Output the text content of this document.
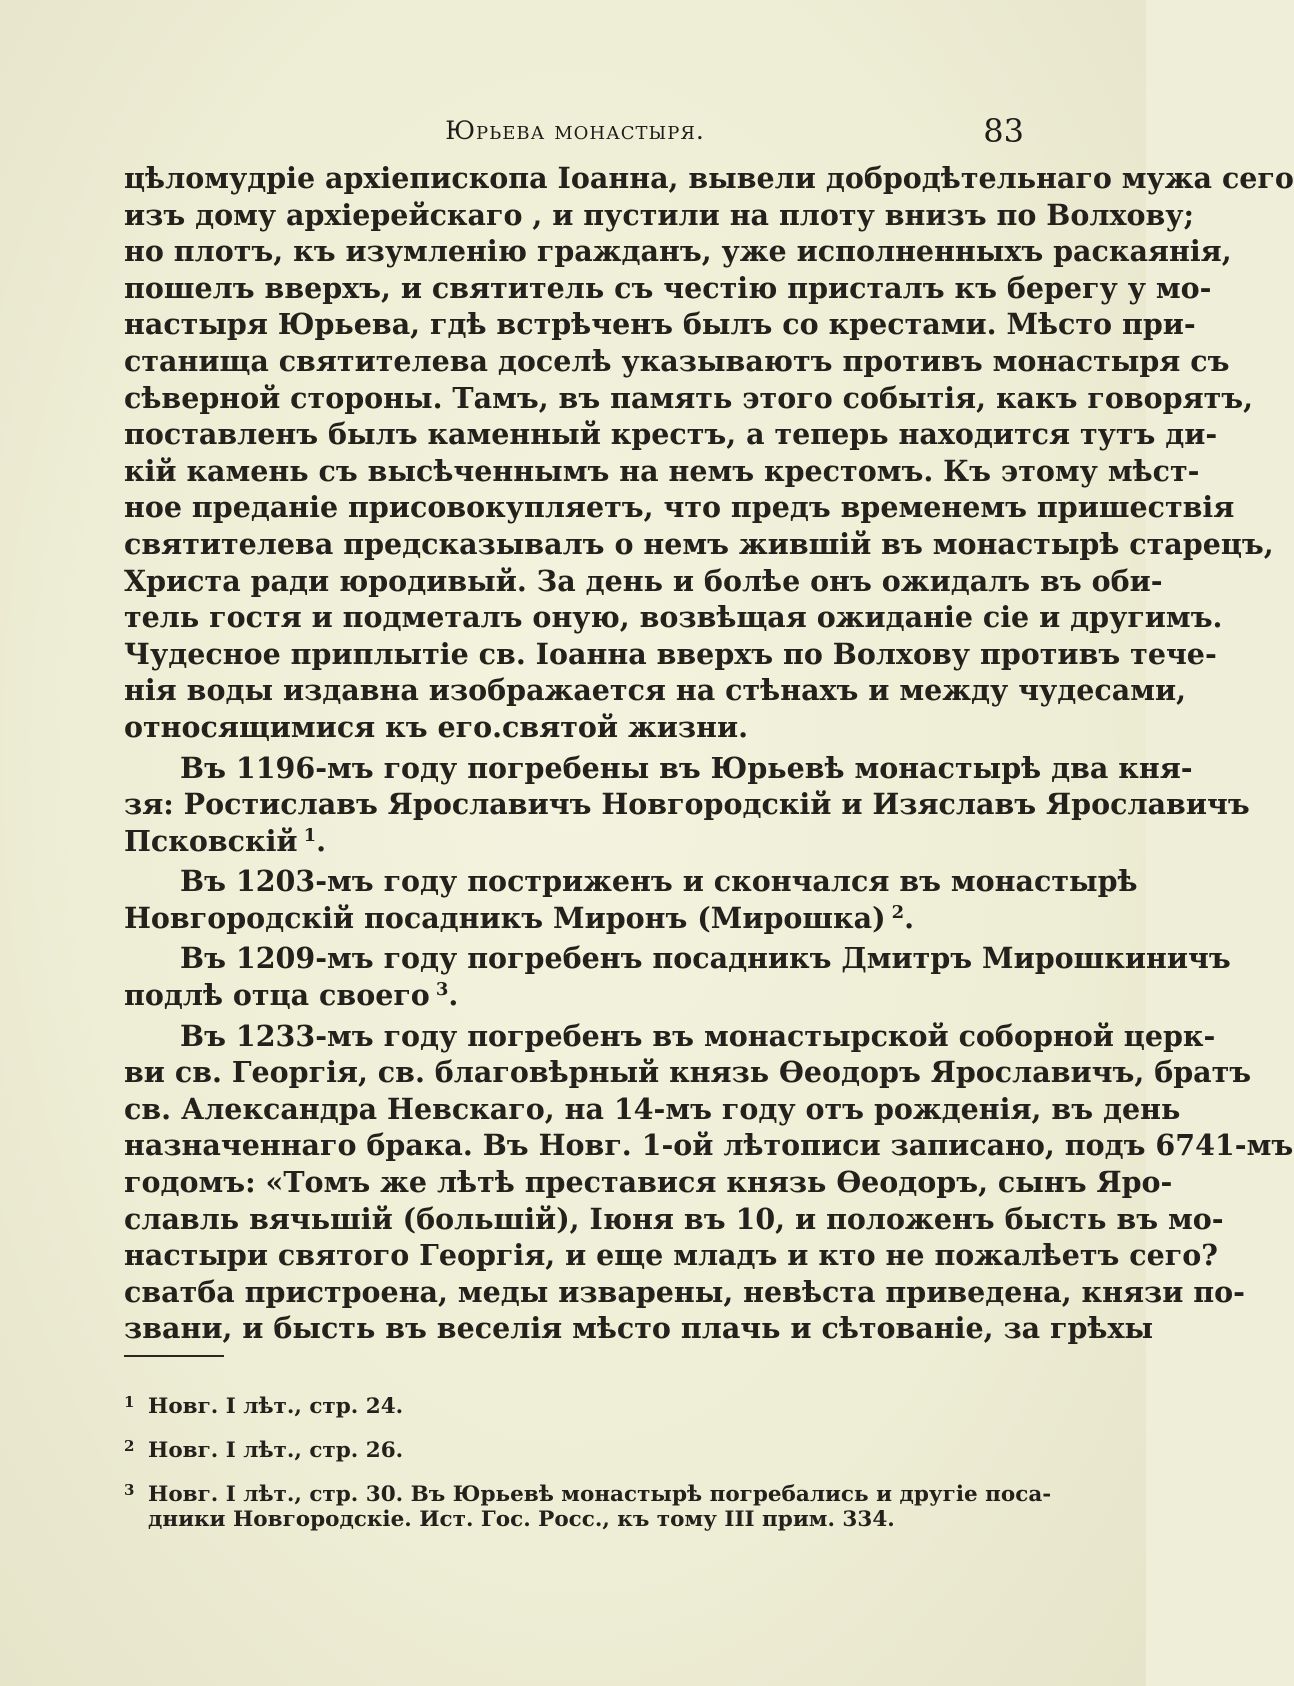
Юрьева монастыря.	83
цѣломудріе архіепископа Іоанна, вывели добродѣтельнаго мужа сего
изъ дому архіерейскаго , и пустили на плоту внизъ по Волхову;
но плотъ, къ изумленію гражданъ, уже исполненныхъ раскаянія,
пошелъ вверхъ, и святитель съ честію присталъ къ берегу у мо-
настыря Юрьева, гдѣ встрѣченъ былъ со крестами. Мѣсто при-
станища святителева доселѣ указываютъ противъ монастыря съ
сѣверной стороны. Тамъ, въ память этого событія, какъ говорятъ,
поставленъ былъ каменный крестъ, а теперь находится тутъ ди-
кій камень съ высѣченнымъ на немъ крестомъ. Къ этому мѣст-
ное преданіе присовокупляетъ, что предъ временемъ пришествія
святителева предсказывалъ о немъ жившій въ монастырѣ старецъ,
Христа ради юродивый. За день и болѣе онъ ожидалъ въ оби-
тель гостя и подметалъ оную, возвѣщая ожиданіе сіе и другимъ.
Чудесное приплытіе св. Іоанна вверхъ по Волхову противъ тече-
нія воды издавна изображается на стѣнахъ и между чудесами,
относящимися къ его.святой жизни.
Въ 1196-мъ году погребены въ Юрьевѣ монастырѣ два кня-
зя: Ростиславъ Ярославичъ Новгородскій и Изяславъ Ярославичъ
Псковскій $^1$.
Въ 1203-мъ году постриженъ и скончался въ монастырѣ
Новгородскій посадникъ Миронъ (Мирошка) $^2$.
Въ 1209-мъ году погребенъ посадникъ Дмитръ Мирошкиничъ
подлѣ отца своего $^3$.
Въ 1233-мъ году погребенъ въ монастырской соборной церк-
ви св. Георгія, св. благовѣрный князь Ѳеодоръ Ярославичъ, братъ
св. Александра Невскаго, на 14-мъ году отъ рожденія, въ день
назначеннаго брака. Въ Новг. 1-ой лѣтописи записано, подъ 6741-мъ
годомъ: «Томъ же лѣтѣ преставися князь Ѳеодоръ, сынъ Яро-
славль вячьшій (большій), Іюня въ 10, и положенъ бысть въ мо-
настыри святого Георгія, и еще младъ и кто не пожалѣетъ сего?
сватба пристроена, меды изварены, невѣста приведена, князи по-
звани, и бысть въ веселія мѣсто плачь и сѣтованіе, за грѣхы
1 Новг. I лѣт., стр. 24.
2 Новг. I лѣт., стр. 26.
3 Новг. I лѣт., стр. 30. Въ Юрьевѣ монастырѣ погребались и другіе поса-
дники Новгородскіе. Ист. Гос. Росс., къ тому III прим. 334.
